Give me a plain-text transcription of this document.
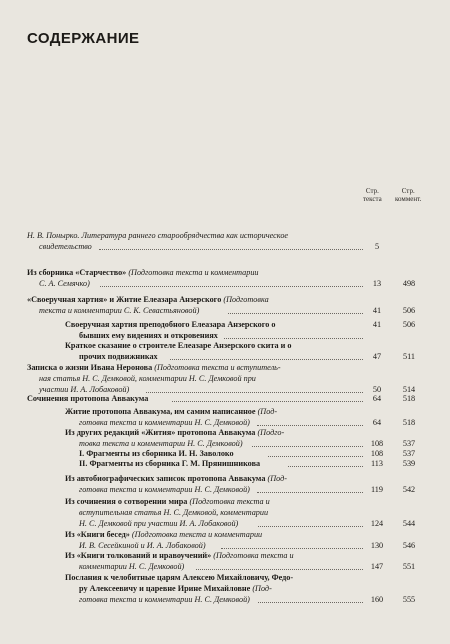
СОДЕРЖАНИЕ
Стр.
текста
Стр.
коммент.
Н. В. Понырко. Литература раннего старообрядчества как историческое
свидетельство	5
Из сборника «Старчество» (Подготовка текста и комментарии
С. А. Семячко)	13	498
«Своеручная хартия» и Житие Елеазара Анзерского (Подготовка
текста и комментарии С. К. Севастьяновой)	41	506
Своеручная хартия преподобного Елеазара Анзерского о
бывших ему видениях и откровениях
41	506
Краткое сказание о строителе Елеазаре Анзерского скита и о
прочих подвижниках	47	511
Записка о жизни Ивана Неронова (Подготовка текста и вступитель-
ная статья Н. С. Демковой, комментарии Н. С. Демковой при
участии И. А. Лобаковой)	50	514
Сочинения протопопа Аввакума	64	518
Житие протопопа Аввакума, им самим написанное (Под-
готовка текста и комментарии Н. С. Демковой)	64	518
Из других редакций «Жития» протопопа Аввакума (Подго-
товка текста и комментарии Н. С. Демковой)	108	537
I. Фрагменты из сборника И. Н. Заволоко	108	537
II. Фрагменты из сборника Г. М. Прянишникова	113	539
Из автобиографических записок протопопа Аввакума (Под-
готовка текста и комментарии Н. С. Демковой)	119	542
Из сочинения о сотворении мира (Подготовка текста и
вступительная статья Н. С. Демковой, комментарии
Н. С. Демковой при участии И. А. Лобаковой)	124	544
Из «Книги бесед» (Подготовка текста и комментарии
И. В. Сесейкиной и И. А. Лобаковой)	130	546
Из «Книги толкований и нравоучений» (Подготовка текста и
комментарии Н. С. Демковой)	147	551
Послания к челобитные царям Алексею Михайловичу, Федо-
ру Алексеевичу и царевне Ирине Михайловне (Под-
готовка текста и комментарии Н. С. Демковой)	160	555
